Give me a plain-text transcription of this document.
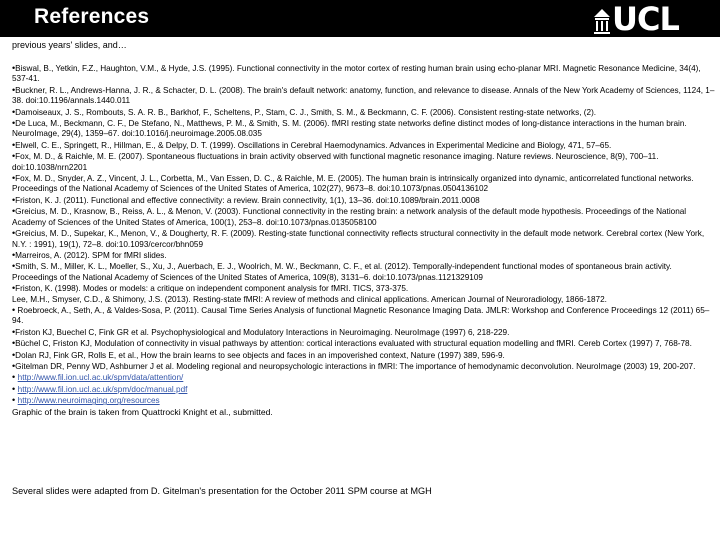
References	UCL
previous years' slides, and…
•Biswal, B., Yetkin, F.Z., Haughton, V.M., & Hyde, J.S. (1995). Functional connectivity in the motor cortex of resting human brain using echo-planar MRI. Magnetic Resonance Medicine, 34(4), 537-41.
•Buckner, R. L., Andrews-Hanna, J. R., & Schacter, D. L. (2008). The brain's default network: anatomy, function, and relevance to disease. Annals of the New York Academy of Sciences, 1124, 1–38. doi:10.1196/annals.1440.011
•Damoiseaux, J. S., Rombouts, S. A. R. B., Barkhof, F., Scheltens, P., Stam, C. J., Smith, S. M., & Beckmann, C. F. (2006). Consistent resting-state networks, (2).
•De Luca, M., Beckmann, C. F., De Stefano, N., Matthews, P. M., & Smith, S. M. (2006). fMRI resting state networks define distinct modes of long-distance interactions in the human brain. NeuroImage, 29(4), 1359–67. doi:10.1016/j.neuroimage.2005.08.035
•Elwell, C. E., Springett, R., Hillman, E., & Delpy, D. T. (1999). Oscillations in Cerebral Haemodynamics. Advances in Experimental Medicine and Biology, 471, 57–65.
•Fox, M. D., & Raichle, M. E. (2007). Spontaneous fluctuations in brain activity observed with functional magnetic resonance imaging. Nature reviews. Neuroscience, 8(9), 700–11. doi:10.1038/nrn2201
•Fox, M. D., Snyder, A. Z., Vincent, J. L., Corbetta, M., Van Essen, D. C., & Raichle, M. E. (2005). The human brain is intrinsically organized into dynamic, anticorrelated functional networks. Proceedings of the National Academy of Sciences of the United States of America, 102(27), 9673–8. doi:10.1073/pnas.0504136102
•Friston, K. J. (2011). Functional and effective connectivity: a review. Brain connectivity, 1(1), 13–36. doi:10.1089/brain.2011.0008
•Greicius, M. D., Krasnow, B., Reiss, A. L., & Menon, V. (2003). Functional connectivity in the resting brain: a network analysis of the default mode hypothesis. Proceedings of the National Academy of Sciences of the United States of America, 100(1), 253–8. doi:10.1073/pnas.0135058100
•Greicius, M. D., Supekar, K., Menon, V., & Dougherty, R. F. (2009). Resting-state functional connectivity reflects structural connectivity in the default mode network. Cerebral cortex (New York, N.Y. : 1991), 19(1), 72–8. doi:10.1093/cercor/bhn059
•Marreiros, A. (2012). SPM for fMRI slides.
•Smith, S. M., Miller, K. L., Moeller, S., Xu, J., Auerbach, E. J., Woolrich, M. W., Beckmann, C. F., et al. (2012). Temporally-independent functional modes of spontaneous brain activity. Proceedings of the National Academy of Sciences of the United States of America, 109(8), 3131–6. doi:10.1073/pnas.1121329109
•Friston, K. (1998). Modes or models: a critique on independent component analysis for fMRI. TICS, 373-375.
Lee, M.H., Smyser, C.D., & Shimony, J.S. (2013). Resting-state fMRI: A review of methods and clinical applications. American Journal of Neuroradiology, 1866-1872.
• Roebroeck, A., Seth, A., & Valdes-Sosa, P. (2011). Causal Time Series Analysis of functional Magnetic Resonance Imaging Data. JMLR: Workshop and Conference Proceedings 12 (2011) 65–94.
•Friston KJ, Buechel C, Fink GR et al. Psychophysiological and Modulatory Interactions in Neuroimaging. NeuroImage (1997) 6, 218-229.
•Büchel C, Friston KJ, Modulation of connectivity in visual pathways by attention: cortical interactions evaluated with structural equation modelling and fMRI. Cereb Cortex (1997) 7, 768-78.
•Dolan RJ, Fink GR, Rolls E, et al., How the brain learns to see objects and faces in an impoverished context, Nature (1997) 389, 596-9.
•Gitelman DR, Penny WD, Ashburner J et al. Modeling regional and neuropsychologic interactions in fMRI: The importance of hemodynamic deconvolution. NeuroImage (2003) 19, 200-207.
• http://www.fil.ion.ucl.ac.uk/spm/data/attention/
• http://www.fil.ion.ucl.ac.uk/spm/doc/manual.pdf
• http://www.neuroimaging.org/resources
Graphic of the brain is taken from Quattrocki Knight et al., submitted.
Several slides were adapted from D. Gitelman's presentation for the October 2011 SPM course at MGH
